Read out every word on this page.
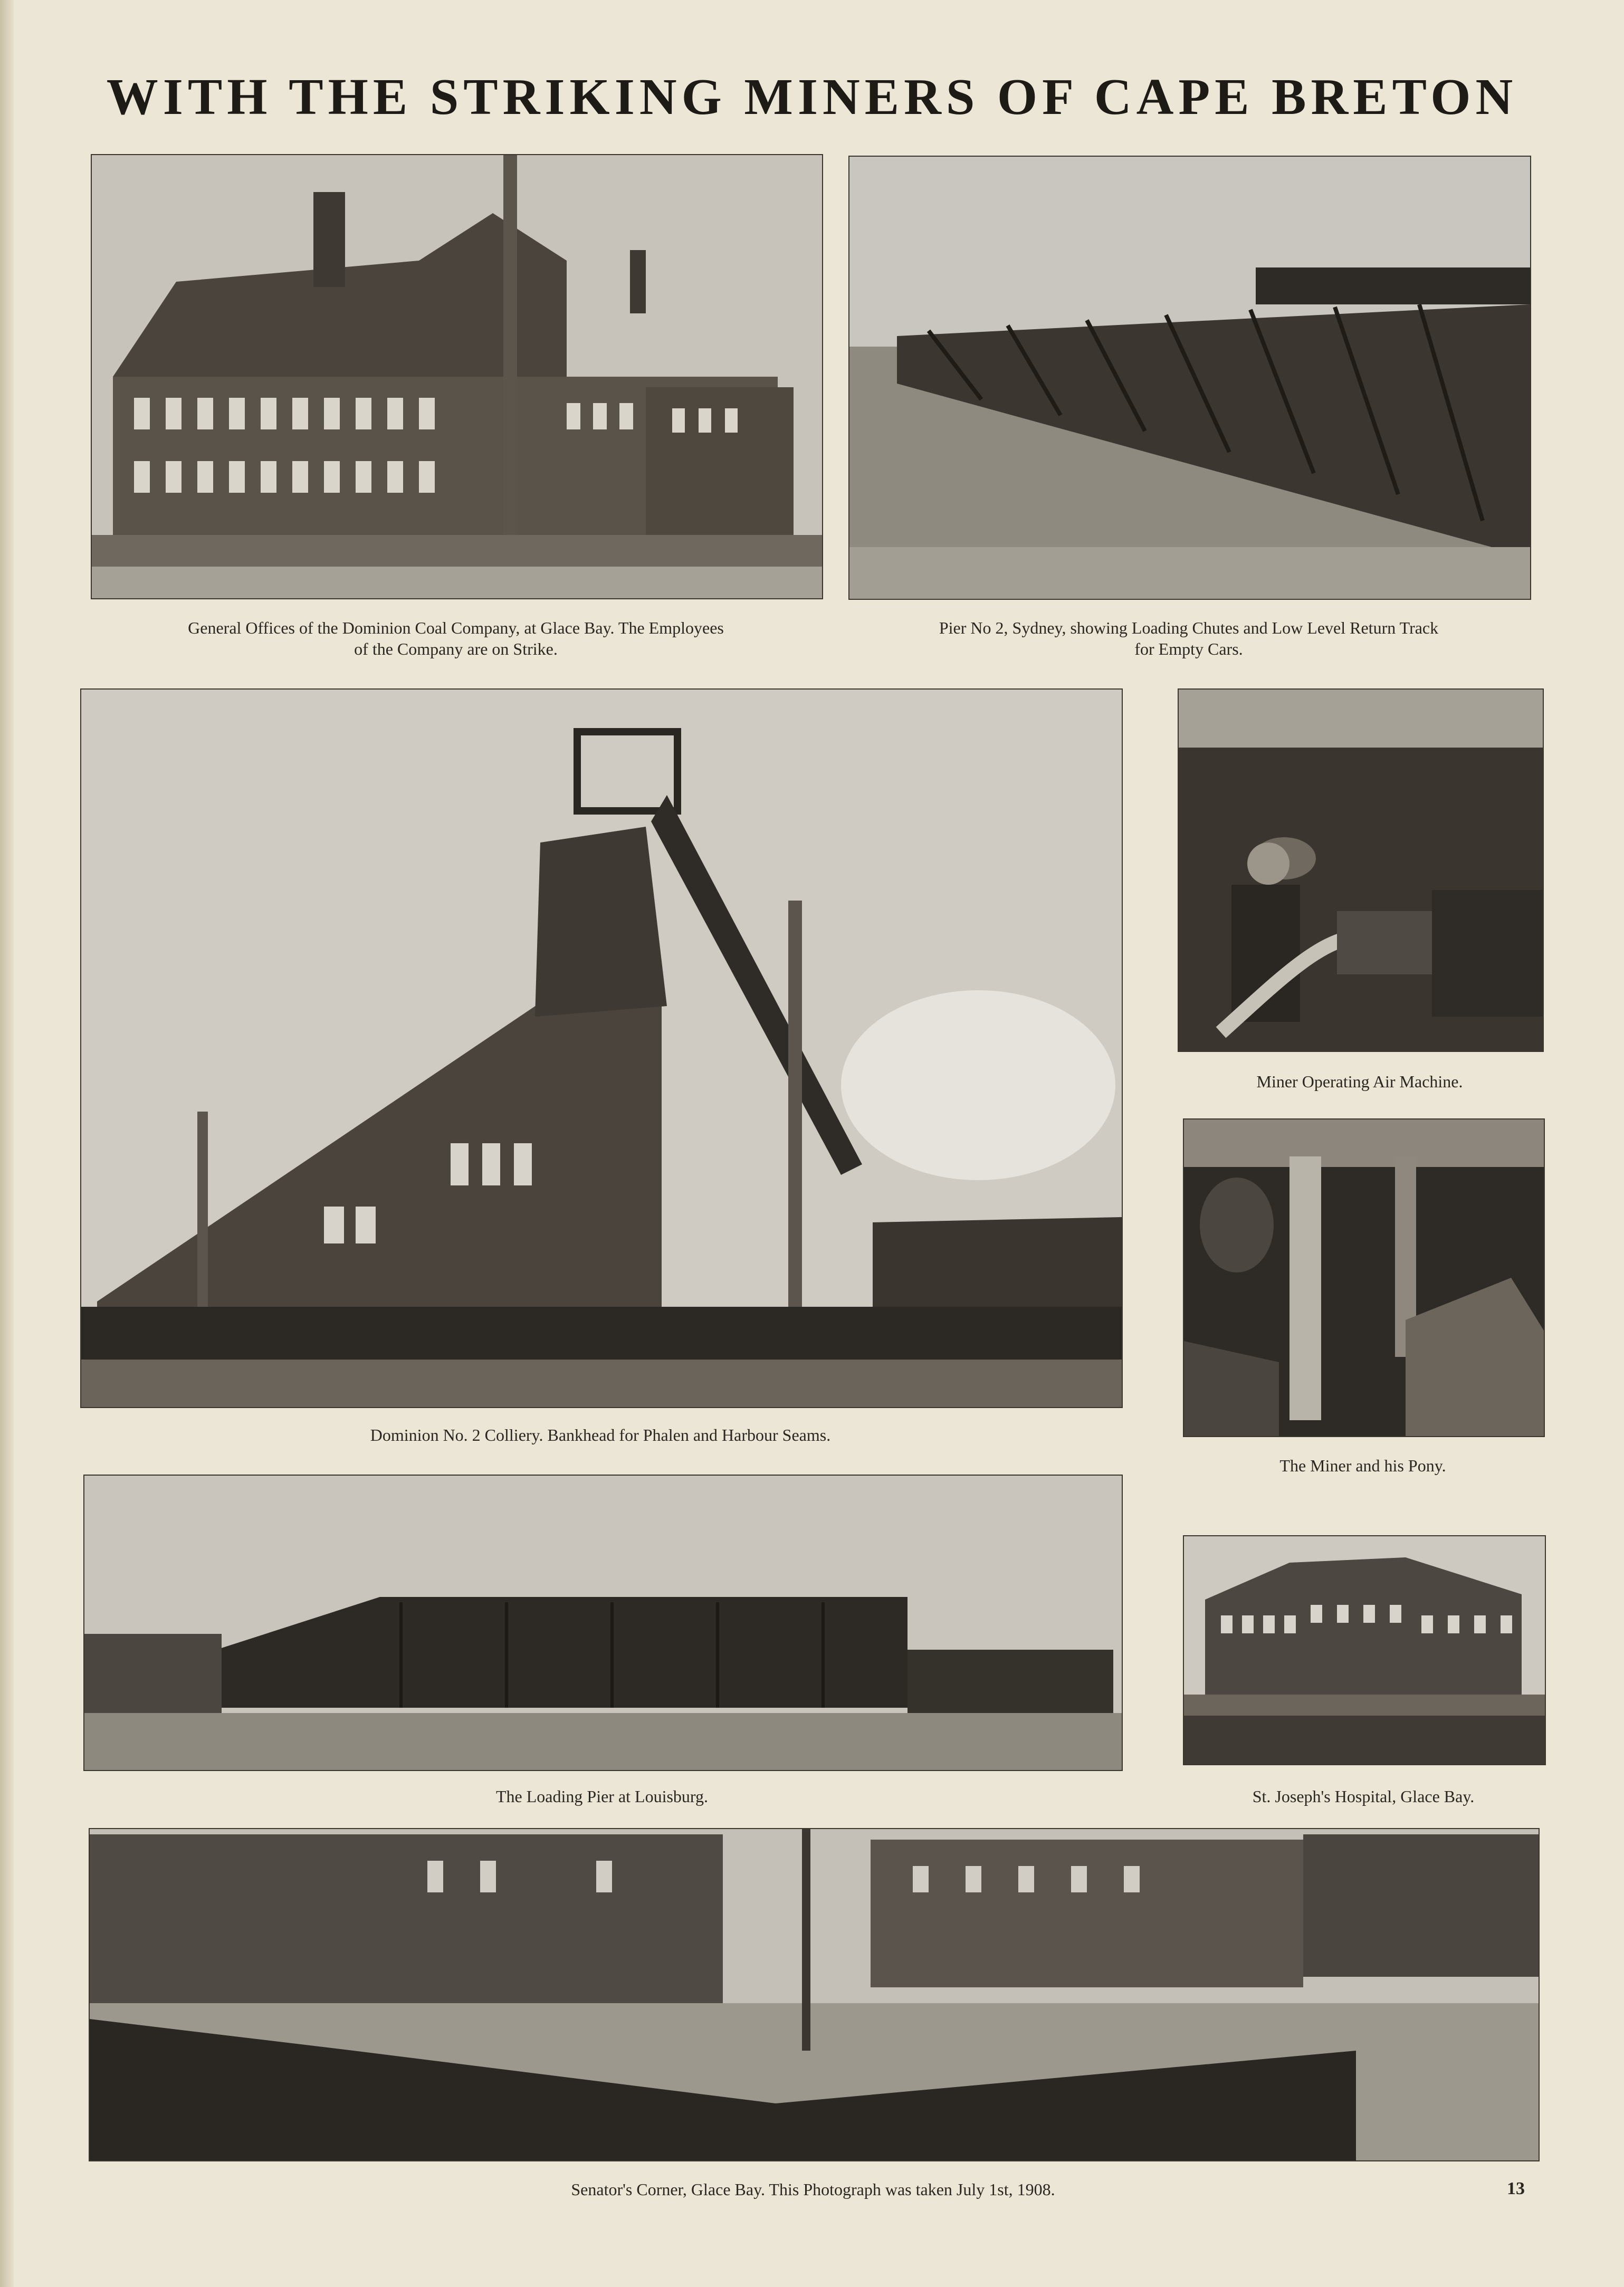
WITH THE STRIKING MINERS OF CAPE BRETON
General Offices of the Dominion Coal Company, at Glace Bay. The Employees
of the Company are on Strike.
Pier No 2, Sydney, showing Loading Chutes and Low Level Return Track
for Empty Cars.
Dominion No. 2 Colliery. Bankhead for Phalen and Harbour Seams.
Miner Operating Air Machine.
The Miner and his Pony.
The Loading Pier at Louisburg.	St. Joseph's Hospital, Glace Bay.
Senator's Corner, Glace Bay. This Photograph was taken July 1st, 1908.	13
